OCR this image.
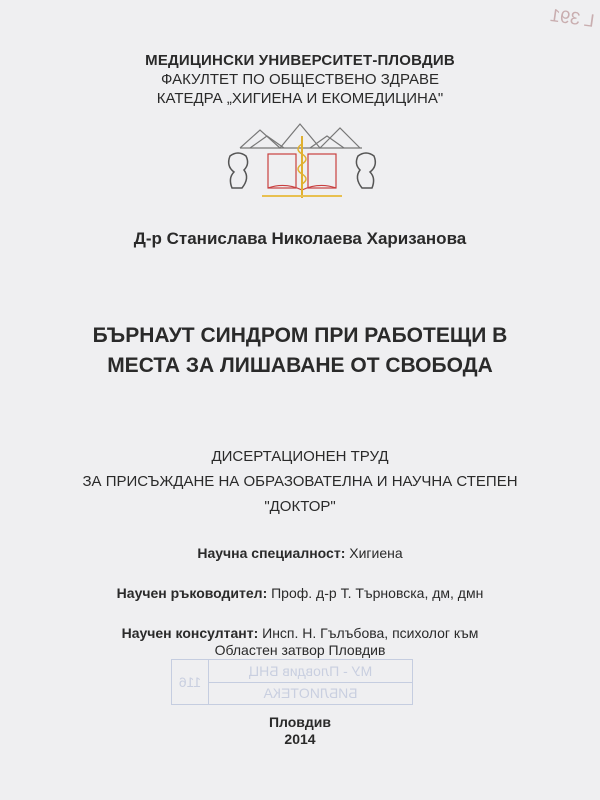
L 391
МЕДИЦИНСКИ УНИВЕРСИТЕТ-ПЛОВДИВ
ФАКУЛТЕТ ПО ОБЩЕСТВЕНО ЗДРАВЕ
КАТЕДРА „ХИГИЕНА И ЕКОМЕДИЦИНА"
Д-р Станислава Николаева Харизанова
БЪРНАУТ СИНДРОМ ПРИ РАБОТЕЩИ В
МЕСТА ЗА ЛИШАВАНЕ ОТ СВОБОДА
ДИСЕРТАЦИОНЕН ТРУД
ЗА ПРИСЪЖДАНЕ НА ОБРАЗОВАТЕЛНА И НАУЧНА СТЕПЕН
"ДОКТОР"
Научна специалност: Хигиена
Научен ръководител: Проф. д-р Т. Търновска, дм, дмн
Научен консултант: Инсп. Н. Гълъбова, психолог към
Областен затвор Пловдив
МУ - Пловдив БНЦ
БИБЛИОТЕКА
116
Пловдив
2014
